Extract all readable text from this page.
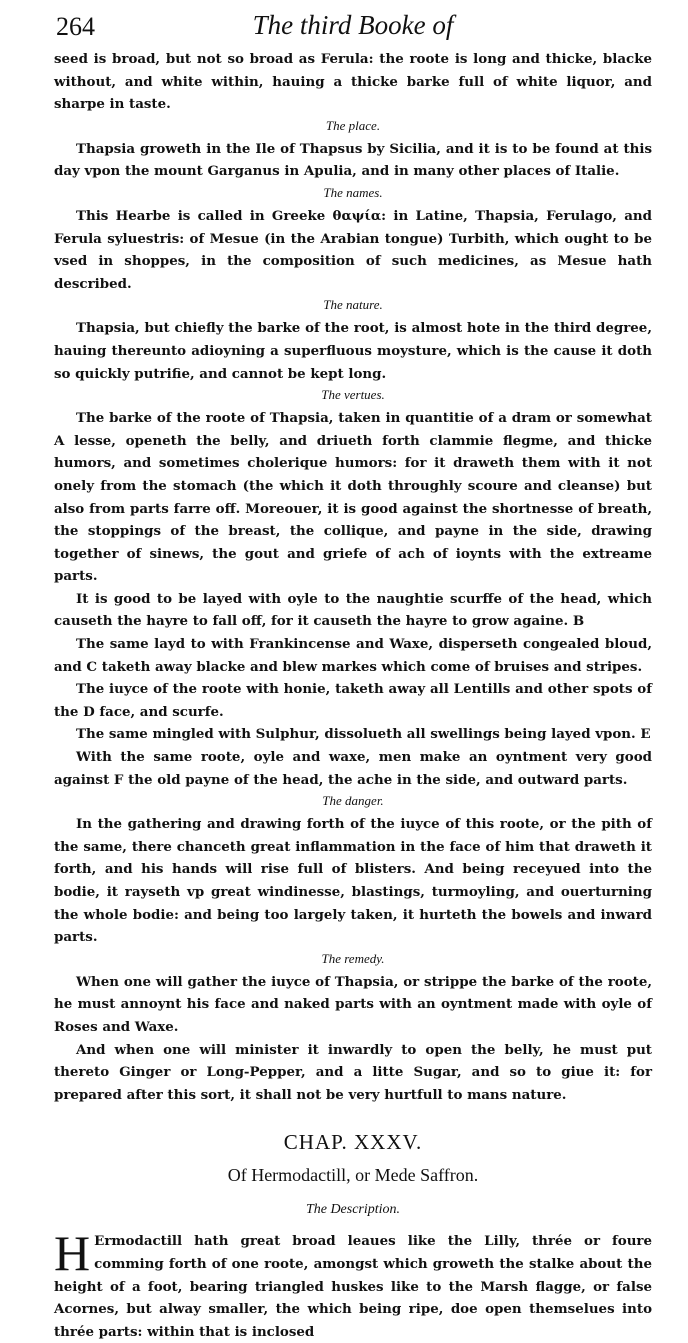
264	The third Booke of

seed is broad, but not so broad as Ferula: the roote is long and thicke, blacke without, and white within, hauing a thicke barke full of white liquor, and sharpe in taste.

The place.

Thapsia groweth in the Ile of Thapsus by Sicilia, and it is to be found at this day vpon the mount Garganus in Apulia, and in many other places of Italie.

The names.

This Hearbe is called in Greeke θαψία: in Latine, Thapsia, Ferulago, and Ferula syluestris: of Mesue (in the Arabian tongue) Turbith, which ought to be vsed in shoppes, in the composition of such medicines, as Mesue hath described.

The nature.

Thapsia, but chiefly the barke of the root, is almost hote in the third degree, hauing thereunto adioyning a superfluous moysture, which is the cause it doth so quickly putrifie, and cannot be kept long.

The vertues.

The barke of the roote of Thapsia, taken in quantitie of a dram or somewhat A lesse, openeth the belly, and driueth forth clammie flegme, and thicke humors, and sometimes cholerique humors: for it draweth them with it not onely from the stomach (the which it doth throughly scoure and cleanse) but also from parts farre off. Moreouer, it is good against the shortnesse of breath, the stoppings of the breast, the collique, and payne in the side, drawing together of sinews, the gout and griefe of ach of ioynts with the extreame parts.

It is good to be layed with oyle to the naughtie scurffe of the head, which causeth the hayre to fall off, for it causeth the hayre to grow againe. B

The same layd to with Frankincense and Waxe, disperseth congealed bloud, and C taketh away blacke and blew markes which come of bruises and stripes.

The iuyce of the roote with honie, taketh away all Lentills and other spots of the D face, and scurfe.

The same mingled with Sulphur, dissolueth all swellings being layed vpon. E

With the same roote, oyle and waxe, men make an oyntment very good against F the old payne of the head, the ache in the side, and outward parts.

The danger.

In the gathering and drawing forth of the iuyce of this roote, or the pith of the same, there chanceth great inflammation in the face of him that draweth it forth, and his hands will rise full of blisters. And being receyued into the bodie, it rayseth vp great windinesse, blastings, turmoyling, and ouerturning the whole bodie: and being too largely taken, it hurteth the bowels and inward parts.

The remedy.

When one will gather the iuyce of Thapsia, or strippe the barke of the roote, he must annoynt his face and naked parts with an oyntment made with oyle of Roses and Waxe.

And when one will minister it inwardly to open the belly, he must put thereto Ginger or Long-Pepper, and a litte Sugar, and so to giue it: for prepared after this sort, it shall not be very hurtfull to mans nature.

CHAP. XXXV.
Of Hermodactill, or Mede Saffron.
The Description.

H Ermodactill hath great broad leaues like the Lilly, thrée or foure comming forth of one roote, amongst which groweth the stalke about the height of a foot, bearing triangled huskes like to the Marsh flagge, or false Acornes, but alway smaller, the which being ripe, doe open themselues into thrée parts: within that is inclosed
